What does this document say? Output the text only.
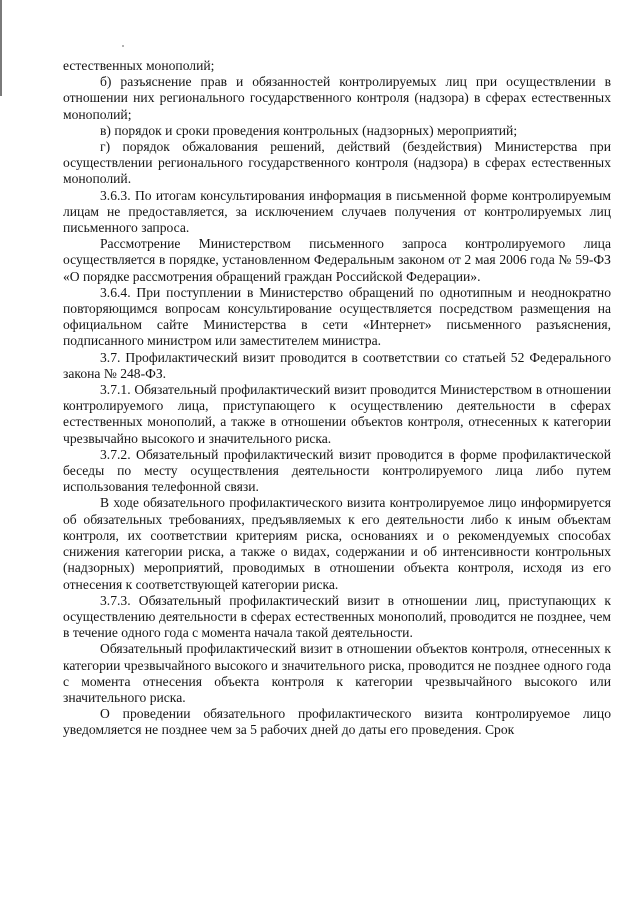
естественных монополий;

б) разъяснение прав и обязанностей контролируемых лиц при осуществлении в отношении них регионального государственного контроля (надзора) в сферах естественных монополий;

в) порядок и сроки проведения контрольных (надзорных) мероприятий;

г) порядок обжалования решений, действий (бездействия) Министерства при осуществлении регионального государственного контроля (надзора) в сферах естественных монополий.

3.6.3. По итогам консультирования информация в письменной форме контролируемым лицам не предоставляется, за исключением случаев получения от контролируемых лиц письменного запроса.

Рассмотрение Министерством письменного запроса контролируемого лица осуществляется в порядке, установленном Федеральным законом от 2 мая 2006 года № 59-ФЗ «О порядке рассмотрения обращений граждан Российской Федерации».

3.6.4. При поступлении в Министерство обращений по однотипным и неоднократно повторяющимся вопросам консультирование осуществляется посредством размещения на официальном сайте Министерства в сети «Интернет» письменного разъяснения, подписанного министром или заместителем министра.

3.7. Профилактический визит проводится в соответствии со статьей 52 Федерального закона № 248-ФЗ.

3.7.1. Обязательный профилактический визит проводится Министерством в отношении контролируемого лица, приступающего к осуществлению деятельности в сферах естественных монополий, а также в отношении объектов контроля, отнесенных к категории чрезвычайно высокого и значительного риска.

3.7.2. Обязательный профилактический визит проводится в форме профилактической беседы по месту осуществления деятельности контролируемого лица либо путем использования телефонной связи.

В ходе обязательного профилактического визита контролируемое лицо информируется об обязательных требованиях, предъявляемых к его деятельности либо к иным объектам контроля, их соответствии критериям риска, основаниях и о рекомендуемых способах снижения категории риска, а также о видах, содержании и об интенсивности контрольных (надзорных) мероприятий, проводимых в отношении объекта контроля, исходя из его отнесения к соответствующей категории риска.

3.7.3. Обязательный профилактический визит в отношении лиц, приступающих к осуществлению деятельности в сферах естественных монополий, проводится не позднее, чем в течение одного года с момента начала такой деятельности.

Обязательный профилактический визит в отношении объектов контроля, отнесенных к категории чрезвычайного высокого и значительного риска, проводится не позднее одного года с момента отнесения объекта контроля к категории чрезвычайного высокого или значительного риска.

О проведении обязательного профилактического визита контролируемое лицо уведомляется не позднее чем за 5 рабочих дней до даты его проведения. Срок
